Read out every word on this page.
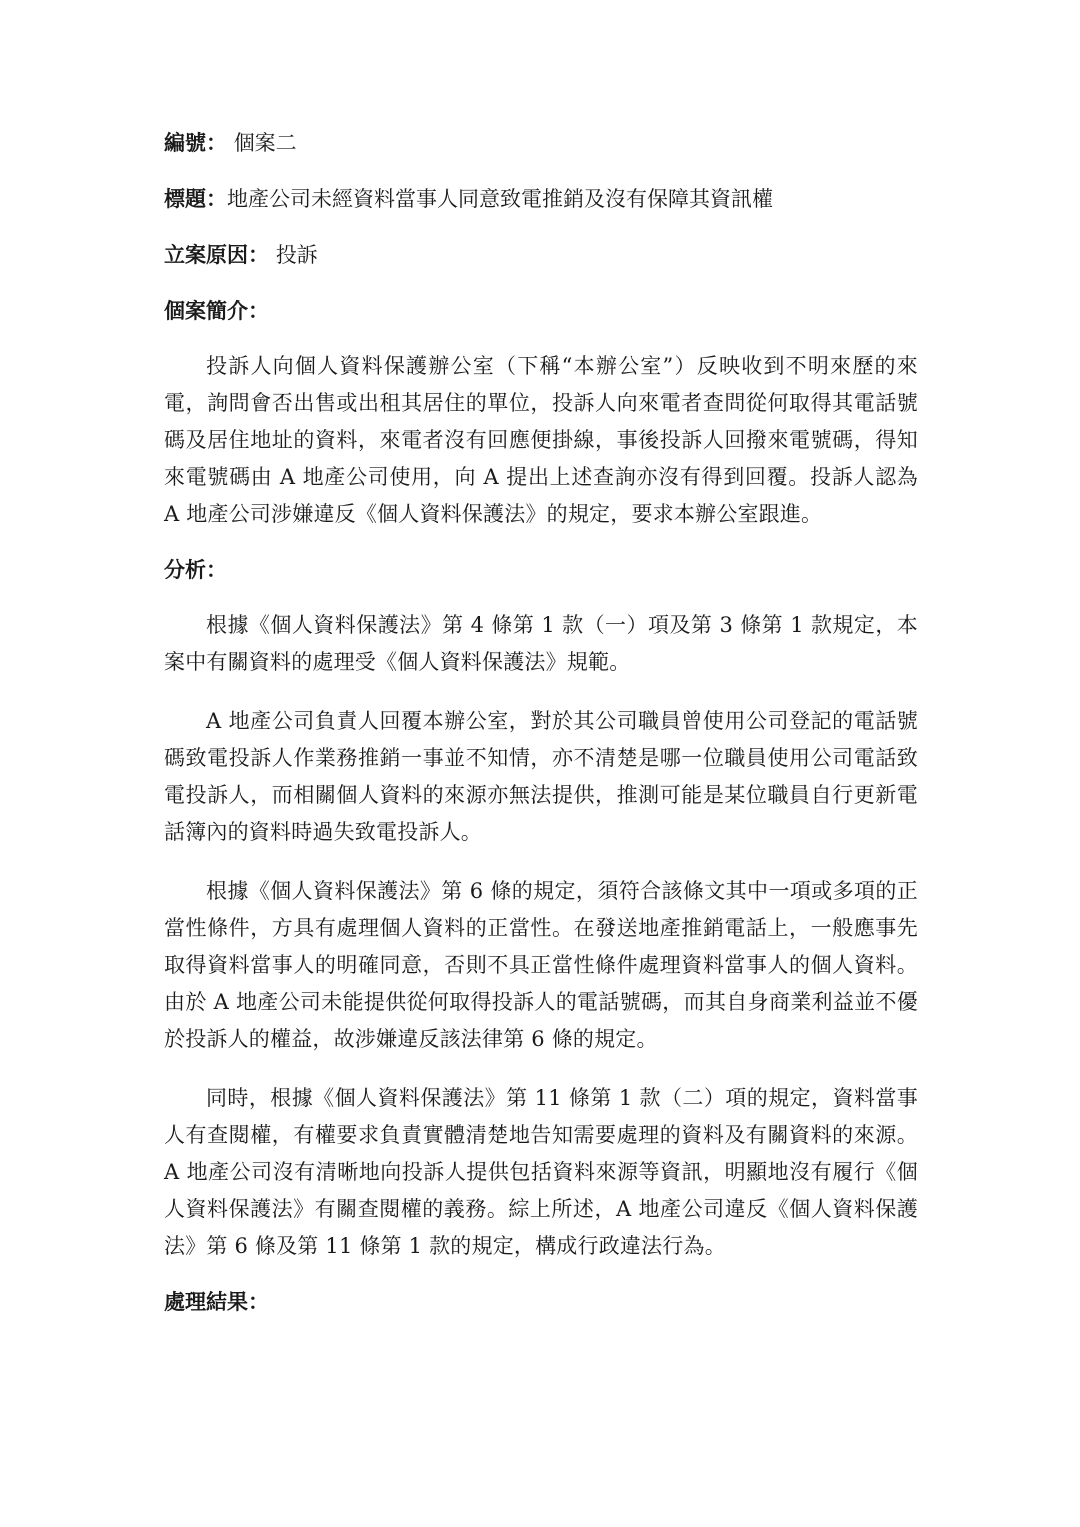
編號： 個案二
標題：地產公司未經資料當事人同意致電推銷及沒有保障其資訊權
立案原因： 投訴
個案簡介：

投訴人向個人資料保護辦公室（下稱“本辦公室”）反映收到不明來歷的來電，詢問會否出售或出租其居住的單位，投訴人向來電者查問從何取得其電話號碼及居住地址的資料，來電者沒有回應便掛線，事後投訴人回撥來電號碼，得知來電號碼由 A 地產公司使用，向 A 提出上述查詢亦沒有得到回覆。投訴人認為 A 地產公司涉嫌違反《個人資料保護法》的規定，要求本辦公室跟進。

分析：

根據《個人資料保護法》第 4 條第 1 款（一）項及第 3 條第 1 款規定，本案中有關資料的處理受《個人資料保護法》規範。

A 地產公司負責人回覆本辦公室，對於其公司職員曾使用公司登記的電話號碼致電投訴人作業務推銷一事並不知情，亦不清楚是哪一位職員使用公司電話致電投訴人，而相關個人資料的來源亦無法提供，推測可能是某位職員自行更新電話簿內的資料時過失致電投訴人。

根據《個人資料保護法》第 6 條的規定，須符合該條文其中一項或多項的正當性條件，方具有處理個人資料的正當性。在發送地產推銷電話上，一般應事先取得資料當事人的明確同意，否則不具正當性條件處理資料當事人的個人資料。由於 A 地產公司未能提供從何取得投訴人的電話號碼，而其自身商業利益並不優於投訴人的權益，故涉嫌違反該法律第 6 條的規定。

同時，根據《個人資料保護法》第 11 條第 1 款（二）項的規定，資料當事人有查閱權，有權要求負責實體清楚地告知需要處理的資料及有關資料的來源。A 地產公司沒有清晰地向投訴人提供包括資料來源等資訊，明顯地沒有履行《個人資料保護法》有關查閱權的義務。綜上所述，A 地產公司違反《個人資料保護法》第 6 條及第 11 條第 1 款的規定，構成行政違法行為。

處理結果：
